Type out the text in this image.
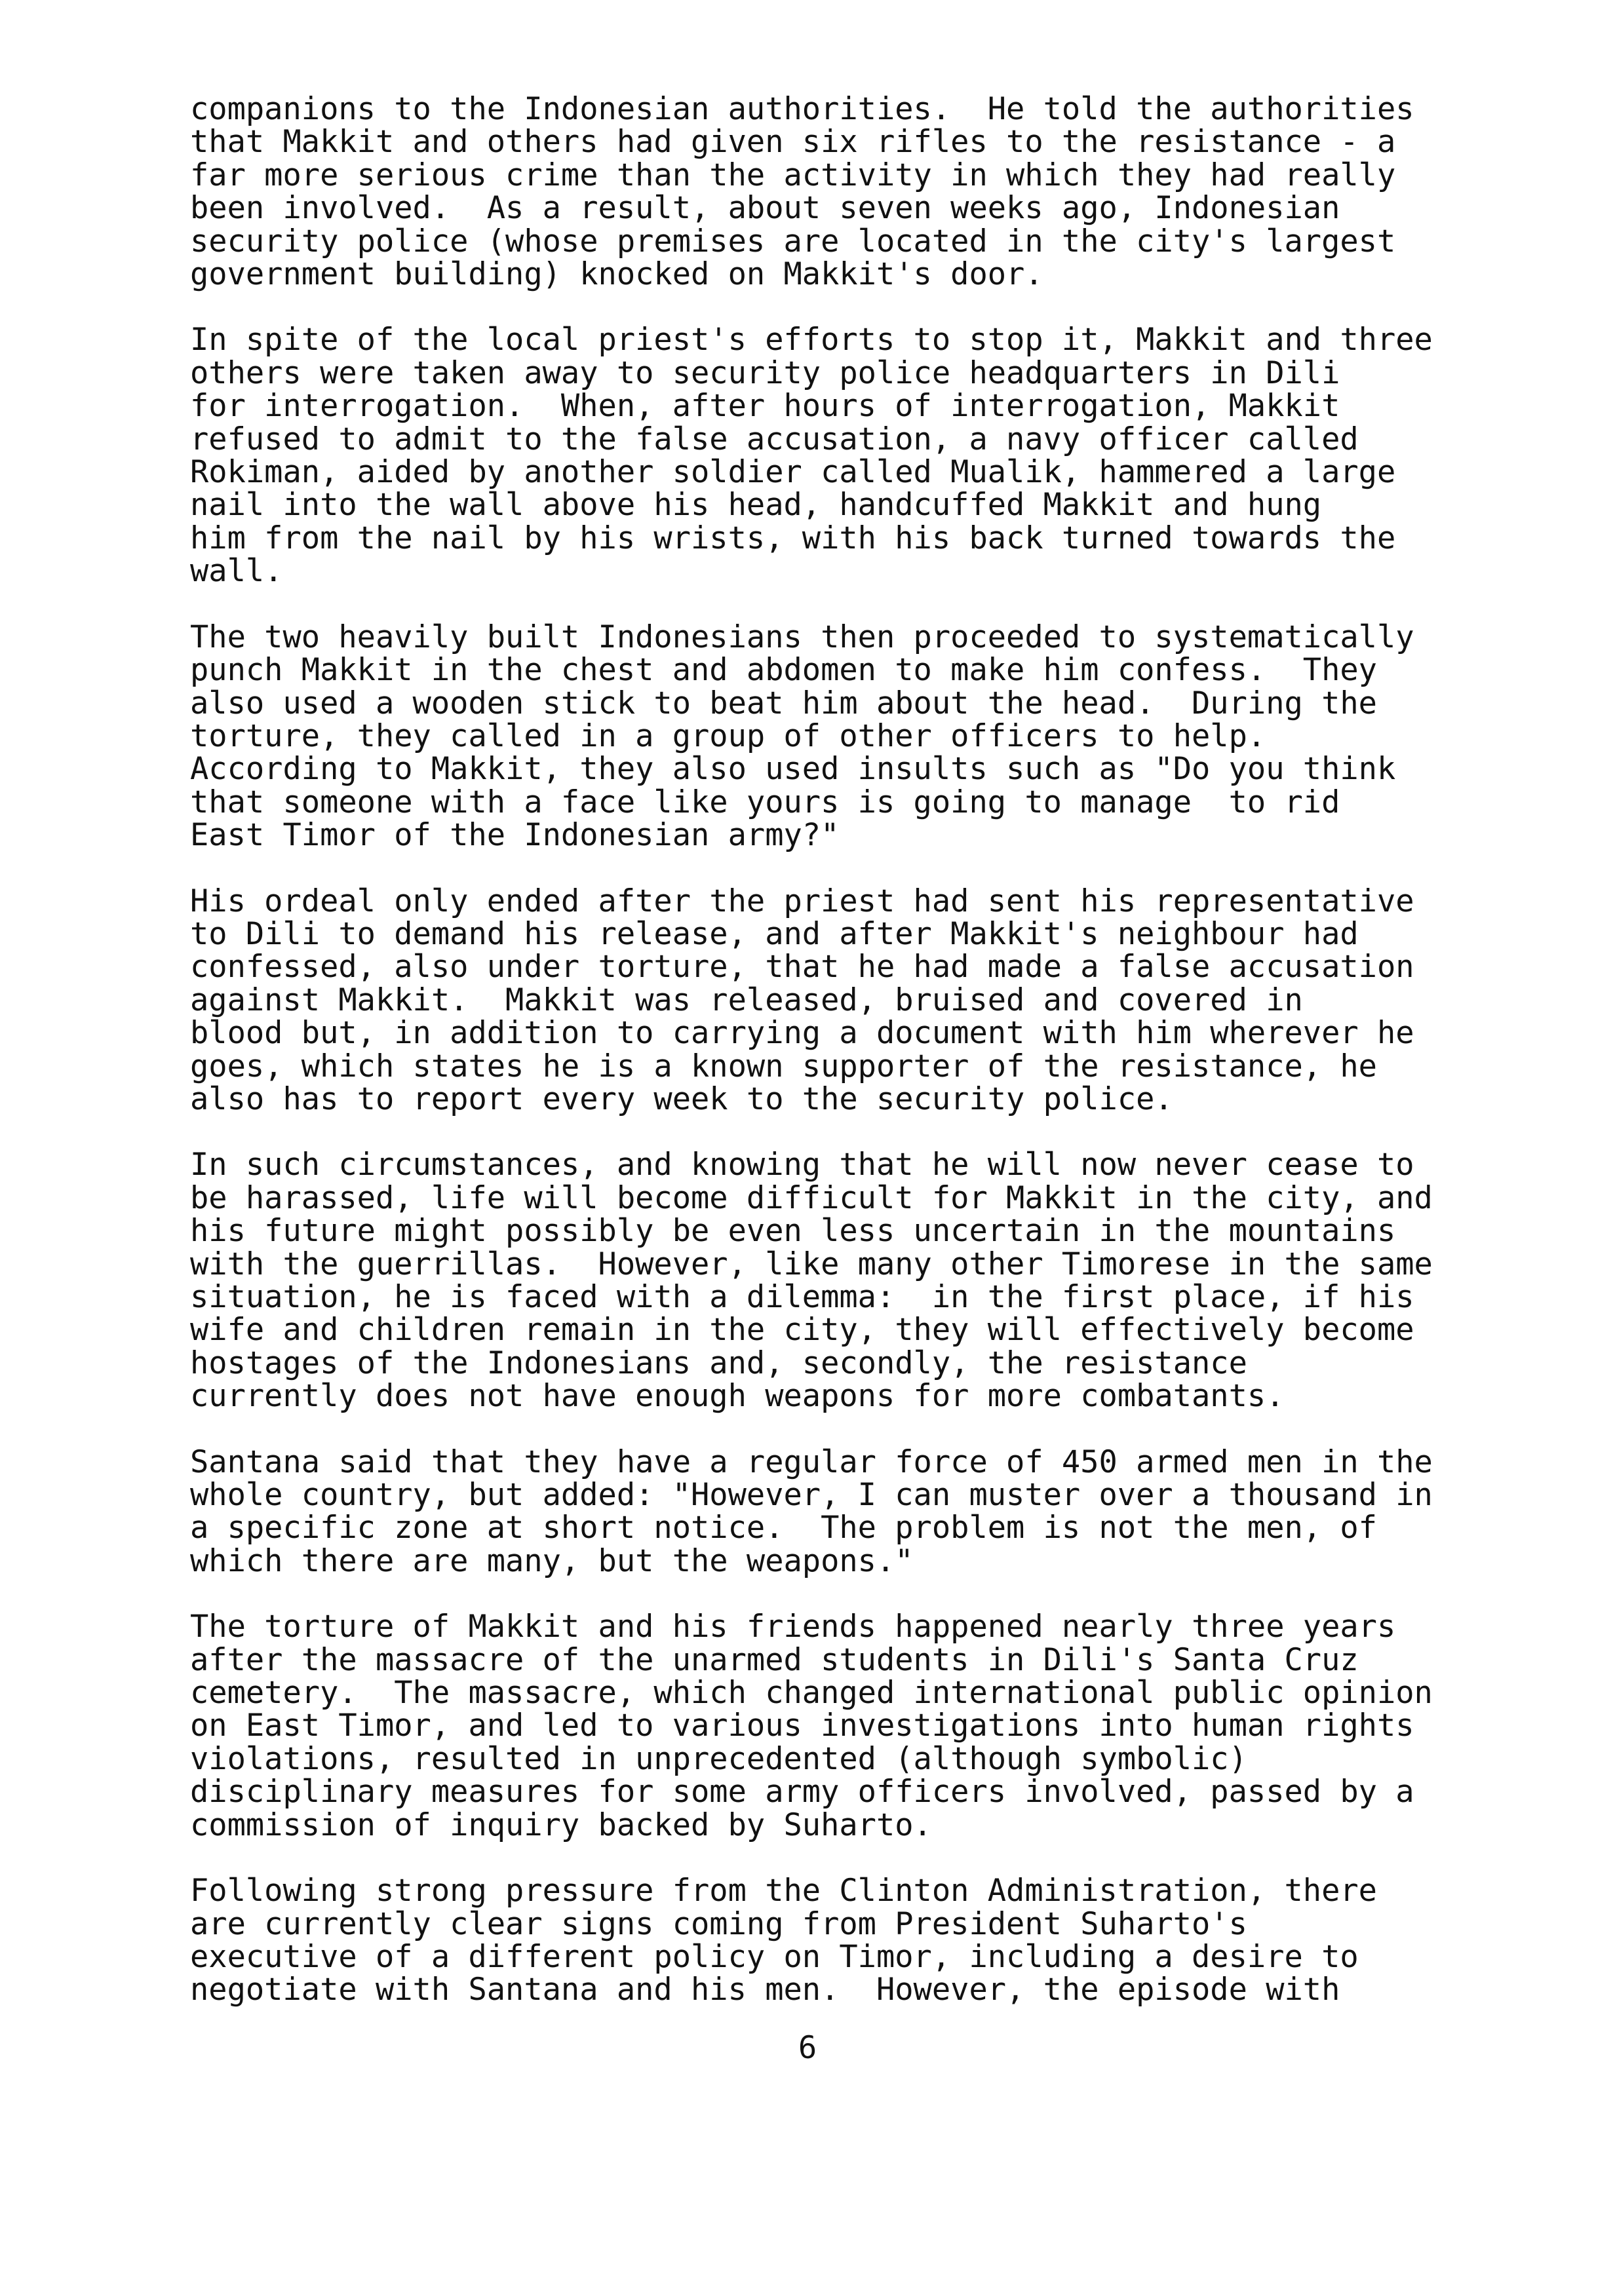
companions to the Indonesian authorities.  He told the authorities
that Makkit and others had given six rifles to the resistance - a
far more serious crime than the activity in which they had really
been involved.  As a result, about seven weeks ago, Indonesian
security police (whose premises are located in the city's largest
government building) knocked on Makkit's door.

In spite of the local priest's efforts to stop it, Makkit and three
others were taken away to security police headquarters in Dili
for interrogation.  When, after hours of interrogation, Makkit
refused to admit to the false accusation, a navy officer called
Rokiman, aided by another soldier called Mualik, hammered a large
nail into the wall above his head, handcuffed Makkit and hung
him from the nail by his wrists, with his back turned towards the
wall.

The two heavily built Indonesians then proceeded to systematically
punch Makkit in the chest and abdomen to make him confess.  They
also used a wooden stick to beat him about the head.  During the
torture, they called in a group of other officers to help.
According to Makkit, they also used insults such as "Do you think
that someone with a face like yours is going to manage  to rid
East Timor of the Indonesian army?"

His ordeal only ended after the priest had sent his representative
to Dili to demand his release, and after Makkit's neighbour had
confessed, also under torture, that he had made a false accusation
against Makkit.  Makkit was released, bruised and covered in
blood but, in addition to carrying a document with him wherever he
goes, which states he is a known supporter of the resistance, he
also has to report every week to the security police.

In such circumstances, and knowing that he will now never cease to
be harassed, life will become difficult for Makkit in the city, and
his future might possibly be even less uncertain in the mountains
with the guerrillas.  However, like many other Timorese in the same
situation, he is faced with a dilemma:  in the first place, if his
wife and children remain in the city, they will effectively become
hostages of the Indonesians and, secondly, the resistance
currently does not have enough weapons for more combatants.

Santana said that they have a regular force of 450 armed men in the
whole country, but added: "However, I can muster over a thousand in
a specific zone at short notice.  The problem is not the men, of
which there are many, but the weapons."

The torture of Makkit and his friends happened nearly three years
after the massacre of the unarmed students in Dili's Santa Cruz
cemetery.  The massacre, which changed international public opinion
on East Timor, and led to various investigations into human rights
violations, resulted in unprecedented (although symbolic)
disciplinary measures for some army officers involved, passed by a
commission of inquiry backed by Suharto.

Following strong pressure from the Clinton Administration, there
are currently clear signs coming from President Suharto's
executive of a different policy on Timor, including a desire to
negotiate with Santana and his men.  However, the episode with

6
